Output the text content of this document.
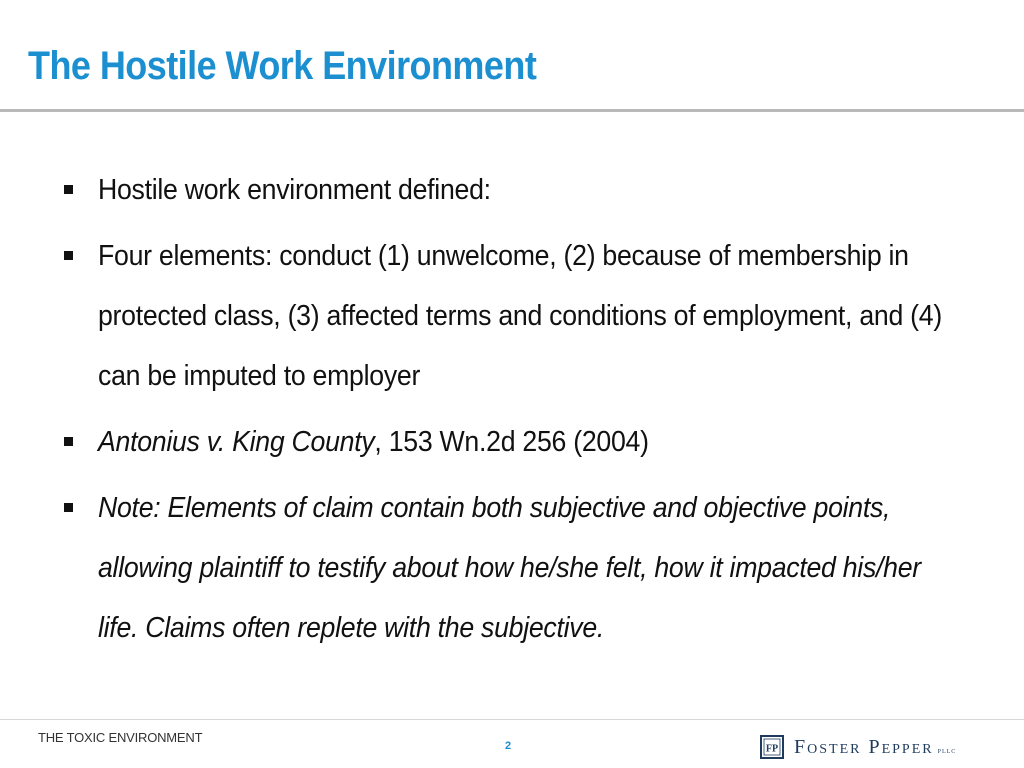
The Hostile Work Environment
Hostile work environment defined:
Four elements: conduct (1) unwelcome, (2) because of membership in protected class, (3) affected terms and conditions of employment, and (4) can be imputed to employer
Antonius v. King County, 153 Wn.2d 256 (2004)
Note: Elements of claim contain both subjective and objective points, allowing plaintiff to testify about how he/she felt, how it impacted his/her life. Claims often replete with the subjective.
THE TOXIC ENVIRONMENT
2	FP Foster Pepper PLLC
